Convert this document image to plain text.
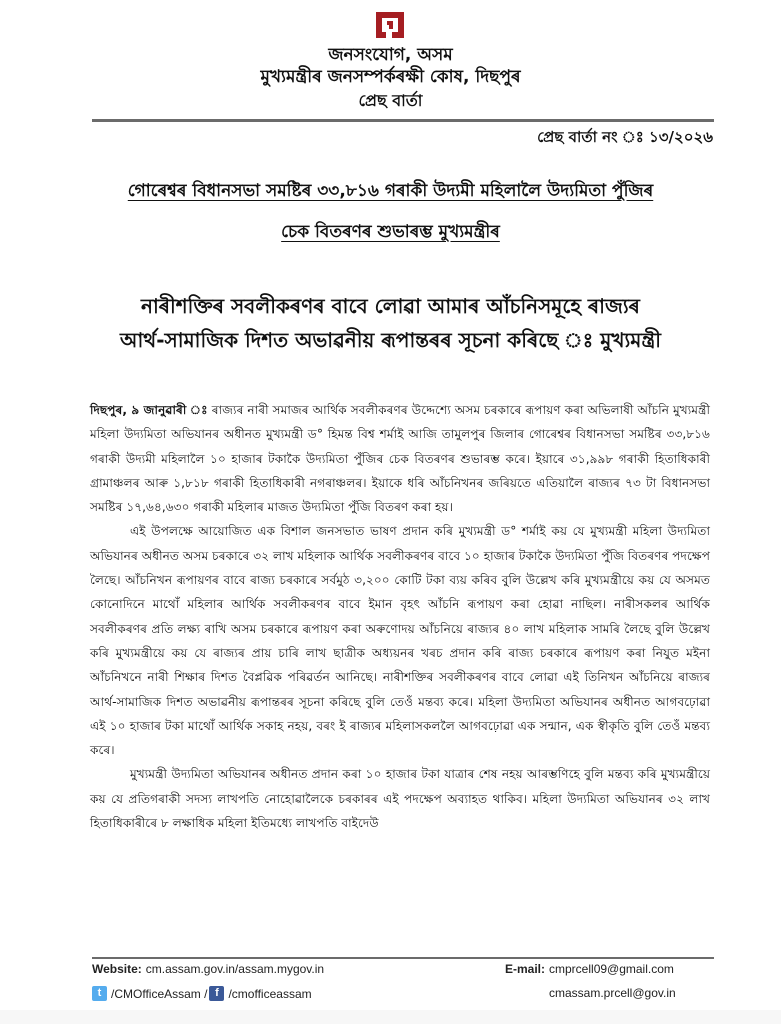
জনসংযোগ, অসম
মুখ্যমন্ত্ৰীৰ জনসম্পৰ্কৰক্ষী কোষ, দিছপুৰ
প্ৰেছ বাৰ্তা
প্ৰেছ বাৰ্তা নং ঃ ১৩/২০২৬
গোৰেশ্বৰ বিধানসভা সমষ্টিৰ ৩৩,৮১৬ গৰাকী উদ্যমী মহিলালৈ উদ্যমিতা পুঁজিৰ
চেক বিতৰণৰ শুভাৰম্ভ মুখ্যমন্ত্ৰীৰ
নাৰীশক্তিৰ সবলীকৰণৰ বাবে লোৱা আমাৰ আঁচনিসমূহে ৰাজ্যৰ
আৰ্থ-সামাজিক দিশত অভাৱনীয় ৰূপান্তৰৰ সূচনা কৰিছে ঃ মুখ্যমন্ত্ৰী

দিছপুৰ, ৯ জানুৱাৰী ঃ ৰাজ্যৰ নাৰী সমাজৰ আৰ্থিক সবলীকৰণৰ উদ্দেশ্যে অসম চৰকাৰে ৰূপায়ণ কৰা অভিলাষী আঁচনি মুখ্যমন্ত্ৰী মহিলা উদ্যমিতা অভিযানৰ অধীনত মুখ্যমন্ত্ৰী ড° হিমন্ত বিশ্ব শৰ্মাই আজি তামুলপুৰ জিলাৰ গোৰেশ্বৰ বিধানসভা সমষ্টিৰ ৩৩,৮১৬ গৰাকী উদ্যমী মহিলালৈ ১০ হাজাৰ টকাকৈ উদ্যমিতা পুঁজিৰ চেক বিতৰণৰ শুভাৰম্ভ কৰে। ইয়াৰে ৩১,৯৯৮ গৰাকী হিতাধিকাৰী গ্ৰামাঞ্চলৰ আৰু ১,৮১৮ গৰাকী হিতাধিকাৰী নগৰাঞ্চলৰ। ইয়াকে ধৰি আঁচনিখনৰ জৰিয়তে এতিয়ালৈ ৰাজ্যৰ ৭৩ টা বিধানসভা সমষ্টিৰ ১৭,৬৪,৬৩০ গৰাকী মহিলাৰ মাজত উদ্যমিতা পুঁজি বিতৰণ কৰা হয়।

এই উপলক্ষে আয়োজিত এক বিশাল জনসভাত ভাষণ প্ৰদান কৰি মুখ্যমন্ত্ৰী ড° শৰ্মাই কয় যে মুখ্যমন্ত্ৰী মহিলা উদ্যমিতা অভিযানৰ অধীনত অসম চৰকাৰে ৩২ লাখ মহিলাক আৰ্থিক সবলীকৰণৰ বাবে ১০ হাজাৰ টকাকৈ উদ্যমিতা পুঁজি বিতৰণৰ পদক্ষেপ লৈছে। আঁচনিখন ৰূপায়ণৰ বাবে ৰাজ্য চৰকাৰে সৰ্বমুঠ ৩,২০০ কোটি টকা ব্যয় কৰিব বুলি উল্লেখ কৰি মুখ্যমন্ত্ৰীয়ে কয় যে অসমত কোনোদিনে মাথোঁ মহিলাৰ আৰ্থিক সবলীকৰণৰ বাবে ইমান বৃহৎ আঁচনি ৰূপায়ণ কৰা হোৱা নাছিল। নাৰীসকলৰ আৰ্থিক সবলীকৰণৰ প্ৰতি লক্ষ্য ৰাখি অসম চৰকাৰে ৰূপায়ণ কৰা অৰুণোদয় আঁচনিয়ে ৰাজ্যৰ ৪০ লাখ মহিলাক সামৰি লৈছে বুলি উল্লেখ কৰি মুখ্যমন্ত্ৰীয়ে কয় যে ৰাজ্যৰ প্ৰায় চাৰি লাখ ছাত্ৰীক অধ্যয়নৰ খৰচ প্ৰদান কৰি ৰাজ্য চৰকাৰে ৰূপায়ণ কৰা নিযুত মইনা আঁচনিখনে নাৰী শিক্ষাৰ দিশত বৈপ্লৱিক পৰিৱৰ্তন আনিছে। নাৰীশক্তিৰ সবলীকৰণৰ বাবে লোৱা এই তিনিখন আঁচনিয়ে ৰাজ্যৰ আৰ্থ-সামাজিক দিশত অভাৱনীয় ৰূপান্তৰৰ সূচনা কৰিছে বুলি তেওঁ মন্তব্য কৰে। মহিলা উদ্যমিতা অভিযানৰ অধীনত আগবঢ়োৱা এই ১০ হাজাৰ টকা মাথোঁ আৰ্থিক সকাহ নহয়, বৰং ই ৰাজ্যৰ মহিলাসকললৈ আগবঢ়োৱা এক সন্মান, এক স্বীকৃতি বুলি তেওঁ মন্তব্য কৰে।

মুখ্যমন্ত্ৰী উদ্যমিতা অভিযানৰ অধীনত প্ৰদান কৰা ১০ হাজাৰ টকা যাত্ৰাৰ শেষ নহয় আৰম্ভণিহে বুলি মন্তব্য কৰি মুখ্যমন্ত্ৰীয়ে কয় যে প্ৰতিগৰাকী সদস্য লাখপতি নোহোৱালৈকে চৰকাৰৰ এই পদক্ষেপ অব্যাহত থাকিব। মহিলা উদ্যমিতা অভিযানৰ ৩২ লাখ হিতাধিকাৰীৰে ৮ লক্ষাধিক মহিলা ইতিমধ্যে লাখপতি বাইদেউ

Website: cm.assam.gov.in/assam.mygov.in	E-mail: cmprcell09@gmail.com
t /CMOfficeAssam / f /cmofficeassam	cmassam.prcell@gov.in
